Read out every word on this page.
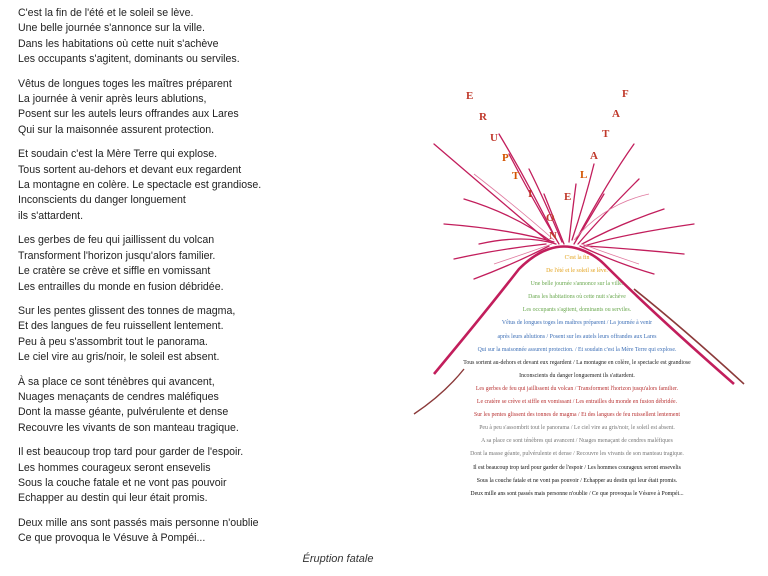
C'est la fin de l'été et le soleil se lève.
Une belle journée s'annonce sur la ville.
Dans les habitations où cette nuit s'achève
Les occupants s'agitent, dominants ou serviles.
Vêtus de longues toges les maîtres préparent
La journée à venir après leurs ablutions,
Posent sur les autels leurs offrandes aux Lares
Qui sur la maisonnée assurent protection.
Et soudain c'est la Mère Terre qui explose.
Tous sortent au-dehors et devant eux regardent
La montagne en colère. Le spectacle est grandiose.
Inconscients du danger longuement
ils s'attardent.
Les gerbes de feu qui jaillissent du volcan
Transforment l'horizon jusqu'alors familier.
Le cratère se crève et siffle en vomissant
Les entrailles du monde en fusion débridée.
Sur les pentes glissent des tonnes de magma,
Et des langues de feu ruissellent lentement.
Peu à peu s'assombrit tout le panorama.
Le ciel vire au gris/noir, le soleil est absent.
À sa place ce sont ténèbres qui avancent,
Nuages menaçants de cendres maléfiques
Dont la masse géante, pulvérulente et dense
Recouvre les vivants de son manteau tragique.
Il est beaucoup trop tard pour garder de l'espoir.
Les hommes courageux seront ensevelis
Sous la couche fatale et ne vont pas pouvoir
Echapper au destin qui leur était promis.
Deux mille ans sont passés mais personne n'oublie
Ce que provoqua le Vésuve à Pompéi...
E
R
U
P
T
I
O
N
F
A
T
A
L
E
C'est la fin
De l'été et le soleil se lève.
Une belle journée s'annonce sur la ville.
Dans les habitations où cette nuit s'achève
Les occupants s'agitent, dominants ou serviles.
Vêtus de longues toges les maîtres préparent / La journée à venir
après leurs ablutions / Posent sur les autels leurs offrandes aux Lares
Qui sur la maisonnée assurent protection. / Et soudain c'est la Mère Terre qui explose.
Tous sortent au-dehors et devant eux regardent / La montagne en colère, le spectacle est grandiose
Inconscients du danger longuement ils s'attardent.
Les gerbes de feu qui jaillissent du volcan / Transforment l'horizon jusqu'alors familier.
Le cratère se crève et siffle en vomissant / Les entrailles du monde en fusion débridée.
Sur les pentes glissent des tonnes de magma / Et des langues de feu ruissellent lentement
Peu à peu s'assombrit tout le panorama / Le ciel vire au gris/noir, le soleil est absent.
A sa place ce sont ténèbres qui avancent / Nuages menaçant de cendres maléfiques
Dont la masse géante, pulvérulente et dense / Recouvre les vivants de son manteau tragique.
Il est beaucoup trop tard pour garder de l'espoir / Les hommes courageux seront ensevelis
Sous la couche fatale et ne vont pas pouvoir / Echapper au destin qui leur était promis.
Deux mille ans sont passés mais personne n'oublie / Ce que provoqua le Vésuve à Pompéi...
Éruption fatale
